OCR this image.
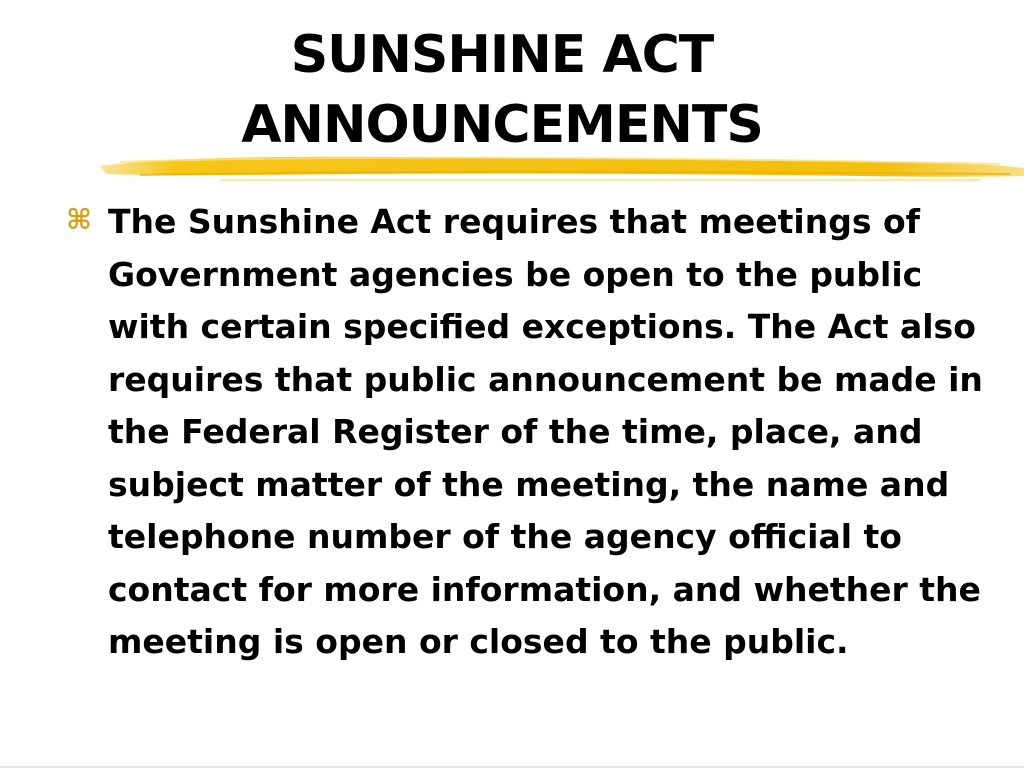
SUNSHINE ACT
ANNOUNCEMENTS
⌘ The Sunshine Act requires that meetings of Government agencies be open to the public with certain specified exceptions. The Act also requires that public announcement be made in the Federal Register of the time, place, and subject matter of the meeting, the name and telephone number of the agency official to contact for more information, and whether the meeting is open or closed to the public.
